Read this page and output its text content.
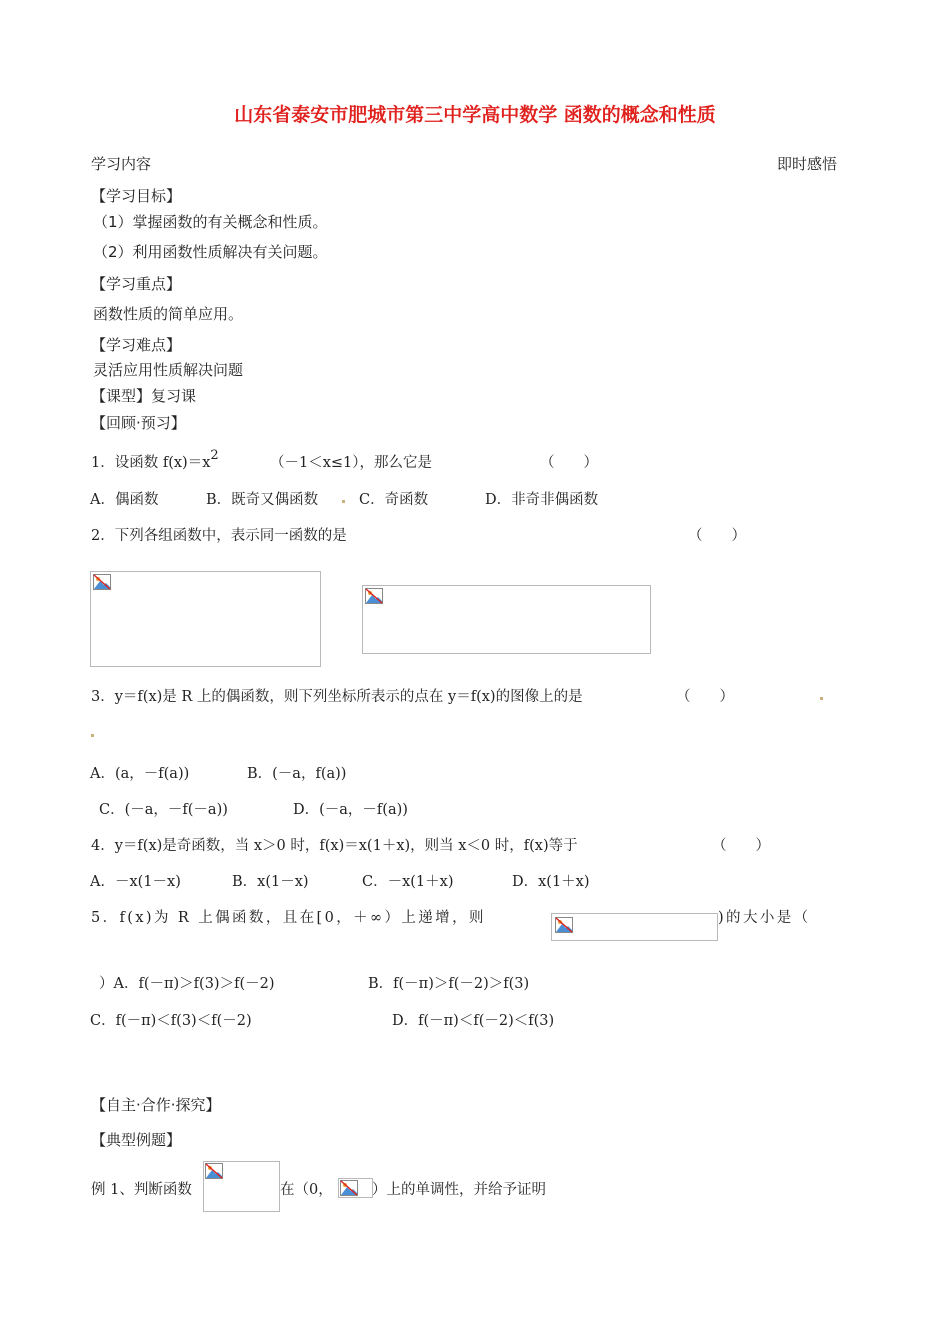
山东省泰安市肥城市第三中学高中数学 函数的概念和性质
学习内容	即时感悟
【学习目标】
（1）掌握函数的有关概念和性质。
（2）利用函数性质解决有关问题。
【学习重点】
函数性质的简单应用。
【学习难点】
灵活应用性质解决问题
【课型】复习课
【回顾·预习】
1．设函数 f(x)＝x2	（－1＜x≤1），那么它是	（　　）
A．偶函数	B．既奇又偶函数	C．奇函数	D．非奇非偶函数
2．下列各组函数中，表示同一函数的是	（　　）
3．y＝f(x)是 R 上的偶函数，则下列坐标所表示的点在 y＝f(x)的图像上的是	（　　）
A．(a，－f(a))	B．(－a，f(a))
C．(－a，－f(－a))	D．(－a，－f(a))
4．y＝f(x)是奇函数，当 x＞0 时，f(x)＝x(1＋x)，则当 x＜0 时，f(x)等于	（　　）
A．－x(1－x)	B．x(1－x)	C．－x(1＋x)	D．x(1＋x)
5．f(x)为 R 上偶函数，且在[0，＋∞）上递增，则	)的大小是（
）A．f(－π)＞f(3)＞f(－2)	B．f(－π)＞f(－2)＞f(3)
C．f(－π)＜f(3)＜f(－2)	D．f(－π)＜f(－2)＜f(3)
【自主·合作·探究】
【典型例题】
例 1、判断函数	在（0，	）上的单调性，并给予证明
